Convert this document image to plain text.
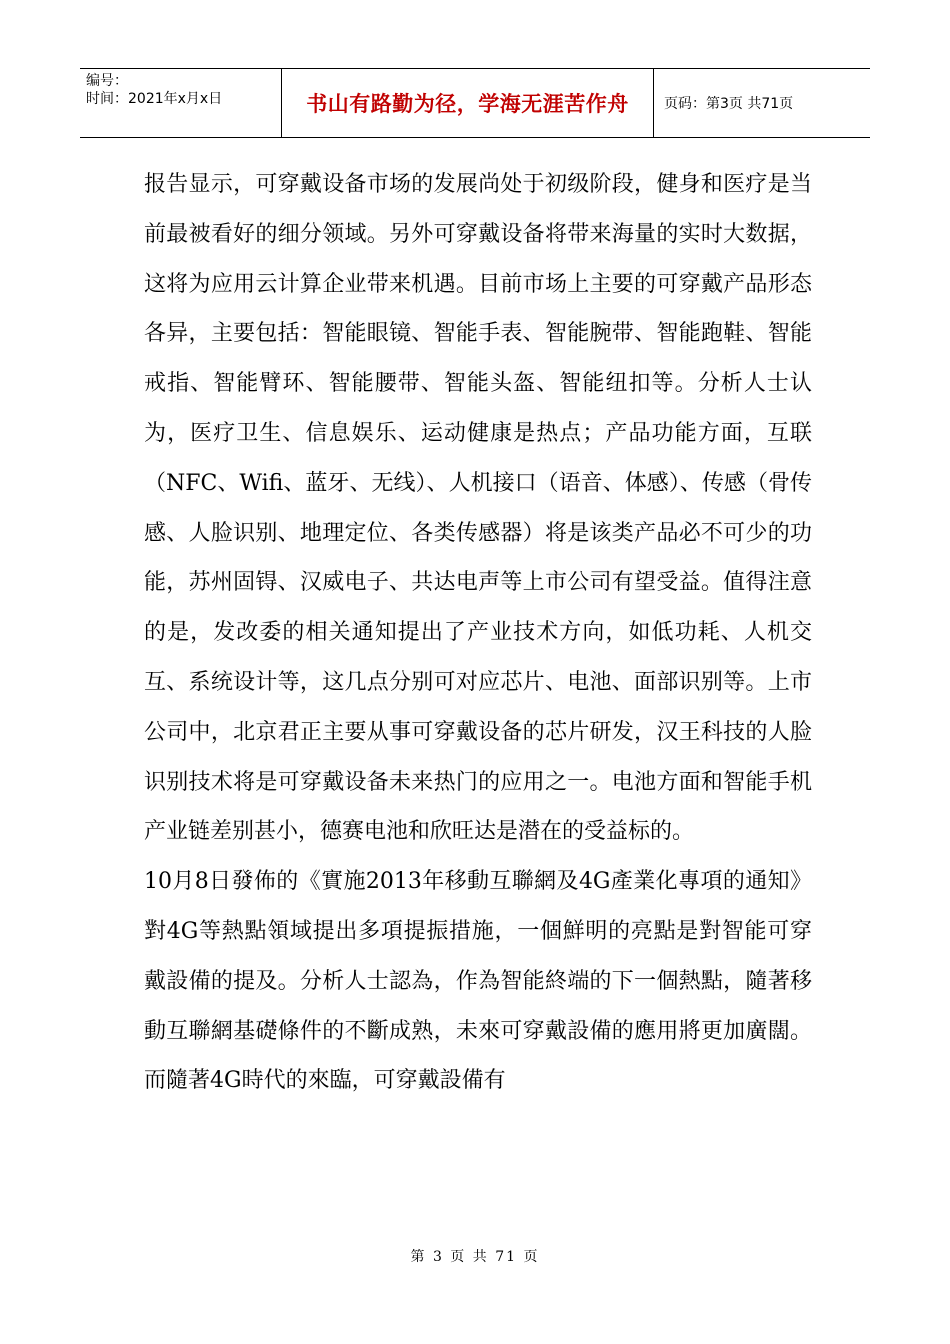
编号：
时间：2021年x月x日	书山有路勤为径，学海无涯苦作舟	页码：第3页 共71页

报告显示，可穿戴设备市场的发展尚处于初级阶段，健身和医疗是当前最被看好的细分领域。另外可穿戴设备将带来海量的实时大数据，这将为应用云计算企业带来机遇。目前市场上主要的可穿戴产品形态各异，主要包括：智能眼镜、智能手表、智能腕带、智能跑鞋、智能戒指、智能臂环、智能腰带、智能头盔、智能纽扣等。分析人士认为，医疗卫生、信息娱乐、运动健康是热点；产品功能方面，互联（NFC、Wifi、蓝牙、无线）、人机接口（语音、体感）、传感（骨传感、人脸识别、地理定位、各类传感器）将是该类产品必不可少的功能，苏州固锝、汉威电子、共达电声等上市公司有望受益。值得注意的是，发改委的相关通知提出了产业技术方向，如低功耗、人机交互、系统设计等，这几点分别可对应芯片、电池、面部识别等。上市公司中，北京君正主要从事可穿戴设备的芯片研发，汉王科技的人脸识别技术将是可穿戴设备未来热门的应用之一。电池方面和智能手机产业链差别甚小，德赛电池和欣旺达是潜在的受益标的。

10月8日發佈的《實施2013年移動互聯網及4G產業化專項的通知》對4G等熱點領域提出多項提振措施，一個鮮明的亮點是對智能可穿戴設備的提及。分析人士認為，作為智能終端的下一個熱點，隨著移動互聯網基礎條件的不斷成熟，未來可穿戴設備的應用將更加廣闊。而隨著4G時代的來臨，可穿戴設備有

第 3 页 共 71 页
